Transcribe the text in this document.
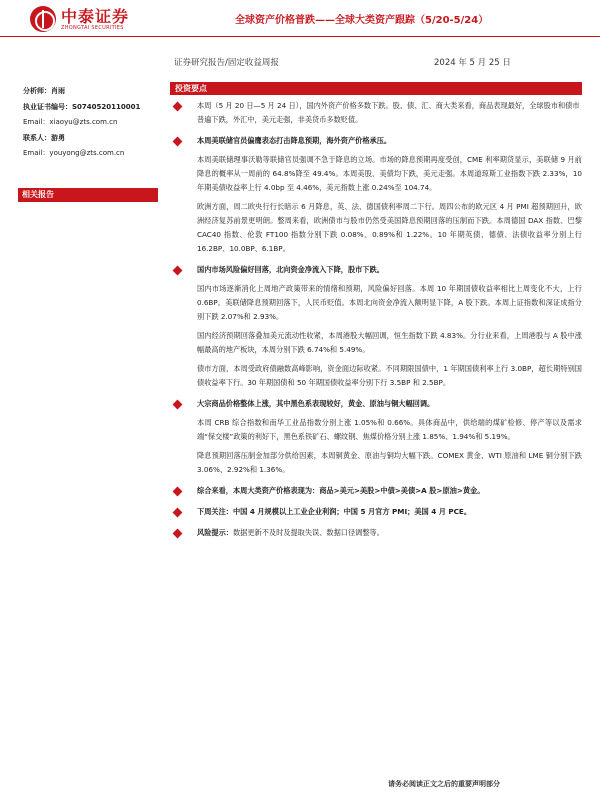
中泰证券
ZHONGTAI SECURITIES
全球资产价格普跌——全球大类资产跟踪（5/20-5/24）
证券研究报告/固定收益周报	2024 年 5 月 25 日
分析师：肖雨
执业证书编号：S0740520110001
Email：xiaoyu@zts.com.cn
联系人：游勇
Email：youyong@zts.com.cn
相关报告
投资要点
本周（5 月 20 日—5 月 24 日），国内外资产价格多数下跌。股、债、汇、商大类来看，商品表现最好，全球股市和债市普遍下跌，外汇中，美元走强，非美货币多数贬值。
本周美联储官员偏鹰表态打击降息预期，海外资产价格承压。
本周美联储理事沃勒等联储官员强调不急于降息的立场。市场的降息预期再度受创，CME 利率期货显示，美联储 9 月前降息的概率从一周前的 64.8%降至 49.4%。本周美股、美债均下跌，美元走强。本周道琼斯工业指数下跌 2.33%，10 年期美债收益率上行 4.0bp 至 4.46%，美元指数上涨 0.24%至 104.74。
欧洲方面，周二欧央行行长暗示 6 月降息，英、法、德国债利率周二下行。周四公布的欧元区 4 月 PMI 超预期回升，欧洲经济复苏前景更明朗。整周来看，欧洲债市与股市仍然受美国降息预期回落的压制而下跌。本周德国 DAX 指数、巴黎 CAC40 指数、伦敦 FT100 指数分别下跌 0.08%、0.89%和 1.22%。10 年期英债、德债、法债收益率分别上行 16.2BP、10.0BP、6.1BP。
国内市场风险偏好回落，北向资金净流入下降，股市下跌。
国内市场逐渐消化上周地产政策带来的情绪和预期，风险偏好回落。本周 10 年期国债收益率相比上周变化不大，上行 0.6BP。美联储降息预期回落下，人民币贬值。本周北向资金净流入额明显下降，A 股下跌。本周上证指数和深证成指分别下跌 2.07%和 2.93%。
国内经济预期回落叠加美元流动性收紧，本周港股大幅回调，恒生指数下跌 4.83%。分行业来看，上周港股与 A 股中涨幅最高的地产板块，本周分别下跌 6.74%和 5.49%。
债市方面，本周受政府债融数高峰影响，资金面边际收紧。不同期限国债中，1 年期国债利率上行 3.0BP，超长期特别国债收益率下行。30 年期国债和 50 年期国债收益率分别下行 3.5BP 和 2.5BP。
大宗商品价格整体上涨，其中黑色系表现较好，黄金、原油与铜大幅回调。
本周 CRB 综合指数和南华工业品指数分别上涨 1.05%和 0.66%。具体商品中，供给端的煤矿检修、停产等以及需求端“保交楼”政策的利好下，黑色系铁矿石、螺纹钢、焦煤价格分别上涨 1.85%、1.94%和 5.19%。
降息预期回落压制金加部分供给因素，本周铜黄金、原油与铜均大幅下跌。COMEX 黄金、WTI 原油和 LME 铜分别下跌 3.06%、2.92%和 1.36%。
综合来看，本周大类资产价格表现为：商品>美元>美股>中债>美债>A 股>原油>黄金。
下周关注：中国 4 月规模以上工业企业利润；中国 5 月官方 PMI；美国 4 月 PCE。
风险提示：数据更新不及时及提取失误、数据口径调整等。
请务必阅读正文之后的重要声明部分
